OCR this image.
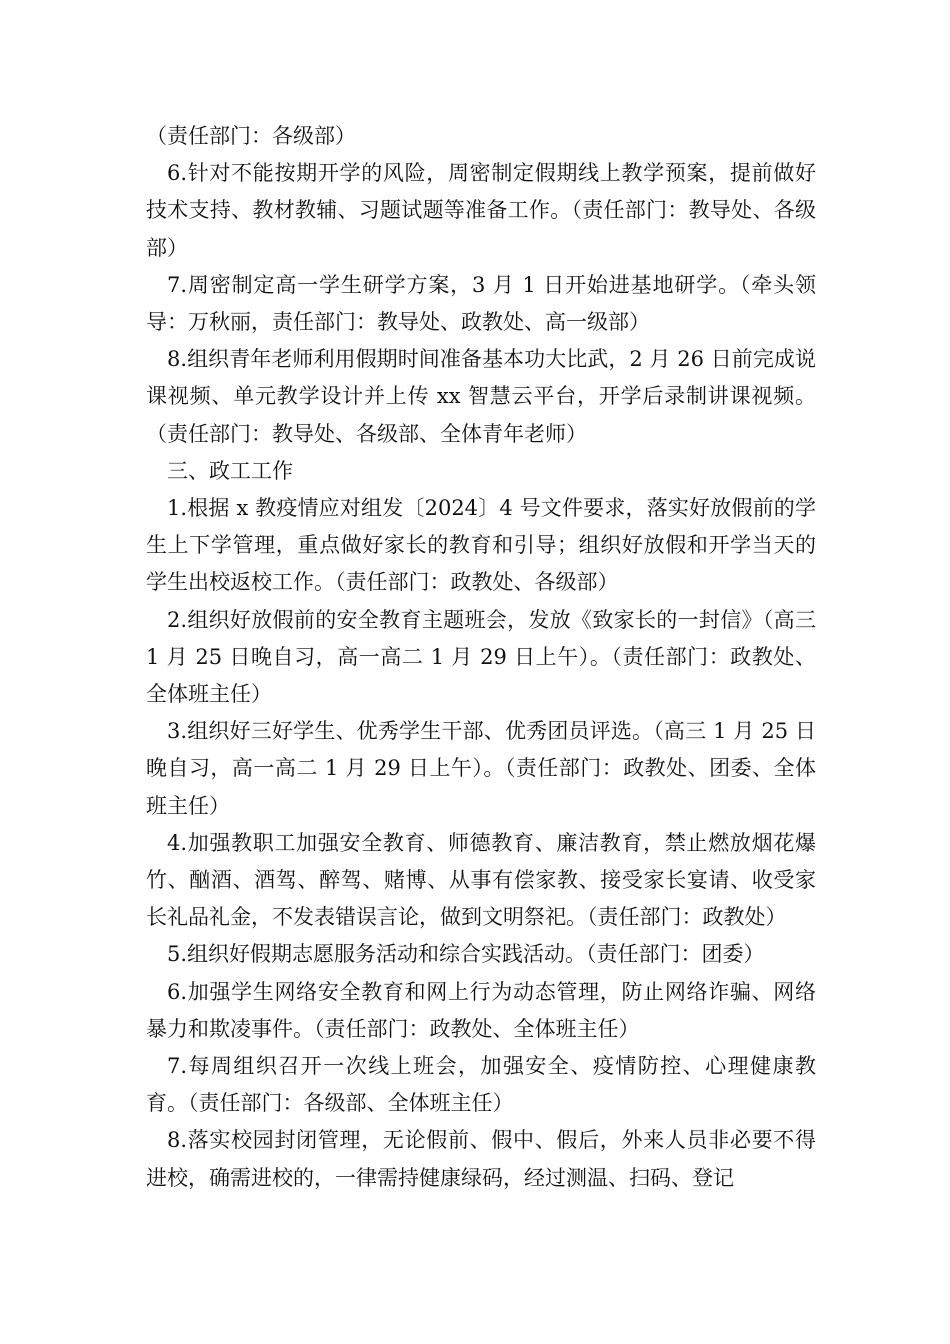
（责任部门：各级部）

6.针对不能按期开学的风险，周密制定假期线上教学预案，提前做好技术支持、教材教辅、习题试题等准备工作。（责任部门：教导处、各级部）

7.周密制定高一学生研学方案，3 月 1 日开始进基地研学。（牵头领导：万秋丽，责任部门：教导处、政教处、高一级部）

8.组织青年老师利用假期时间准备基本功大比武，2 月 26 日前完成说课视频、单元教学设计并上传 xx 智慧云平台，开学后录制讲课视频。（责任部门：教导处、各级部、全体青年老师）

三、政工工作

1.根据 x 教疫情应对组发〔2024〕4 号文件要求，落实好放假前的学生上下学管理，重点做好家长的教育和引导；组织好放假和开学当天的学生出校返校工作。（责任部门：政教处、各级部）

2.组织好放假前的安全教育主题班会，发放《致家长的一封信》（高三 1 月 25 日晚自习，高一高二 1 月 29 日上午）。（责任部门：政教处、全体班主任）

3.组织好三好学生、优秀学生干部、优秀团员评选。（高三 1 月 25 日晚自习，高一高二 1 月 29 日上午）。（责任部门：政教处、团委、全体班主任）

4.加强教职工加强安全教育、师德教育、廉洁教育，禁止燃放烟花爆竹、酗酒、酒驾、醉驾、赌博、从事有偿家教、接受家长宴请、收受家长礼品礼金，不发表错误言论，做到文明祭祀。（责任部门：政教处）

5.组织好假期志愿服务活动和综合实践活动。（责任部门：团委）

6.加强学生网络安全教育和网上行为动态管理，防止网络诈骗、网络暴力和欺凌事件。（责任部门：政教处、全体班主任）

7.每周组织召开一次线上班会，加强安全、疫情防控、心理健康教育。（责任部门：各级部、全体班主任）

8.落实校园封闭管理，无论假前、假中、假后，外来人员非必要不得进校，确需进校的，一律需持健康绿码，经过测温、扫码、登记
